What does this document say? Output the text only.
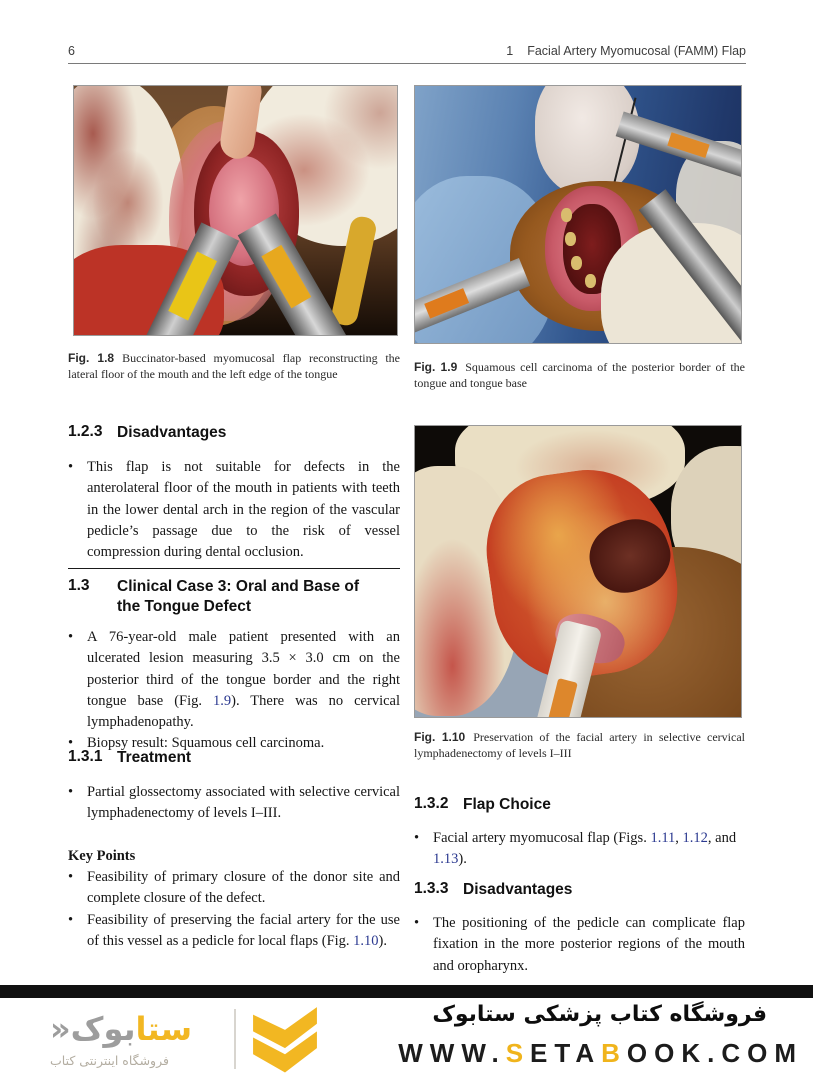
6	1 Facial Artery Myomucosal (FAMM) Flap
Fig. 1.8 Buccinator-based myomucosal flap reconstructing the lateral floor of the mouth and the left edge of the tongue	Fig. 1.9 Squamous cell carcinoma of the posterior border of the tongue and tongue base
1.2.3 Disadvantages
• This flap is not suitable for defects in the anterolateral floor of the mouth in patients with teeth in the lower dental arch in the region of the vascular pedicle’s passage due to the risk of vessel compression during dental occlusion.
1.3	Clinical Case 3: Oral and Base of the Tongue Defect
• A 76-year-old male patient presented with an ulcerated lesion measuring 3.5 × 3.0 cm on the posterior third of the tongue border and the right tongue base (Fig. 1.9). There was no cervical lymphadenopathy.
• Biopsy result: Squamous cell carcinoma.
1.3.1 Treatment
• Partial glossectomy associated with selective cervical lymphadenectomy of levels I–III.
Key Points
• Feasibility of primary closure of the donor site and complete closure of the defect.
• Feasibility of preserving the facial artery for the use of this vessel as a pedicle for local flaps (Fig. 1.10).
Fig. 1.10 Preservation of the facial artery in selective cervical lymphadenectomy of levels I–III
1.3.2 Flap Choice
• Facial artery myomucosal flap (Figs. 1.11, 1.12, and 1.13).
1.3.3 Disadvantages
• The positioning of the pedicle can complicate flap fixation in the more posterior regions of the mouth and oropharynx.
ستابوک«
فروشگاه اینترنتی کتاب
فروشگاه کتاب پزشکی ستابوک
WWW.SETABOOK.COM
